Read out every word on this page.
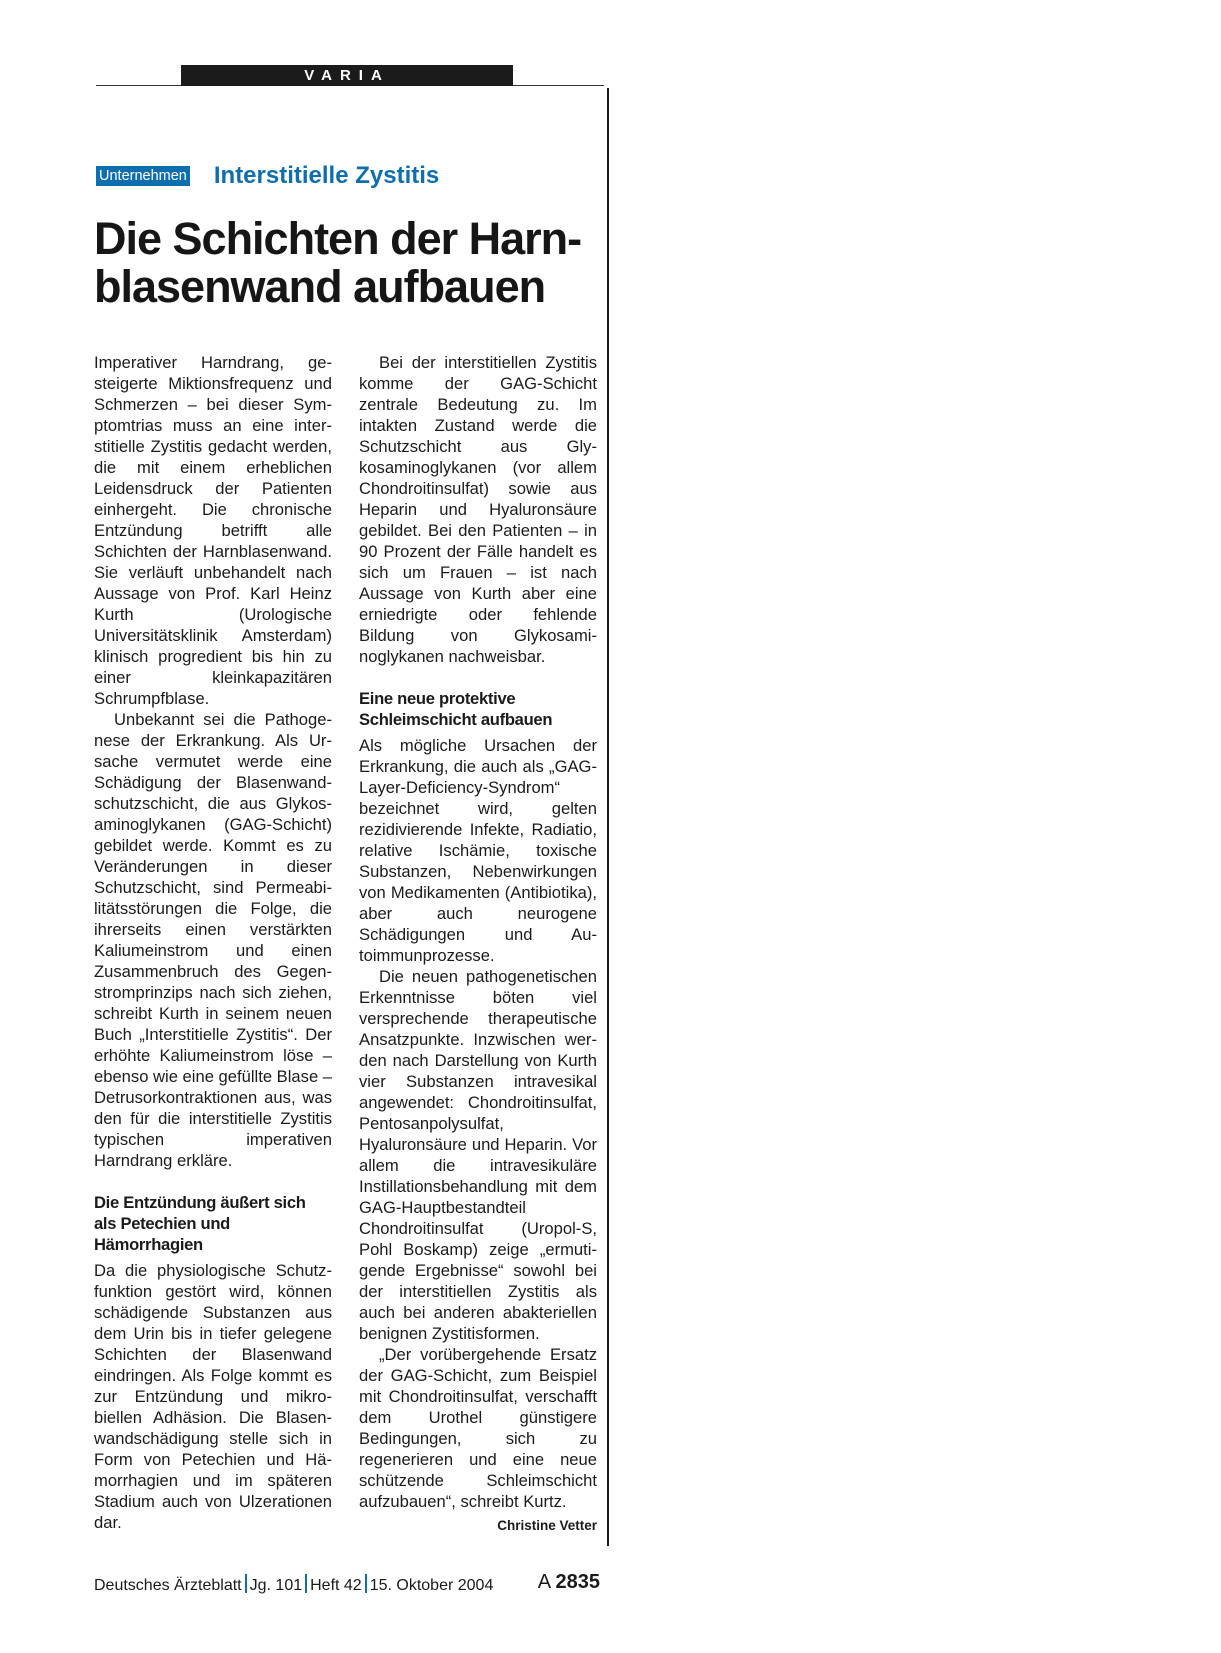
VARIA
Unternehmen Interstitielle Zystitis
Die Schichten der Harn-
blasenwand aufbauen

Imperativer Harndrang, gesteigerte Miktionsfrequenz und Schmerzen – bei dieser Symptomtrias muss an eine interstitielle Zystitis gedacht werden, die mit einem erheblichen Leidensdruck der Patienten einhergeht. Die chronische Entzündung betrifft alle Schichten der Harnblasenwand. Sie verläuft unbehandelt nach Aussage von Prof. Karl Heinz Kurth (Urologische Universitätsklinik Amsterdam) klinisch progredient bis hin zu einer kleinkapazitären Schrumpfblase.

Unbekannt sei die Pathogenese der Erkrankung. Als Ursache vermutet werde eine Schädigung der Blasenwandschutzschicht, die aus Glykosaminoglykanen (GAG-Schicht) gebildet werde. Kommt es zu Veränderungen in dieser Schutzschicht, sind Permeabilitätsstörungen die Folge, die ihrerseits einen verstärkten Kaliumeinstrom und einen Zusammenbruch des Gegenstromprinzips nach sich ziehen, schreibt Kurth in seinem neuen Buch „Interstitielle Zystitis“. Der erhöhte Kaliumeinstrom löse – ebenso wie eine gefüllte Blase – Detrusorkontraktionen aus, was den für die interstitielle Zystitis typischen imperativen Harndrang erkläre.

Die Entzündung äußert sich als Petechien und Hämorrhagien

Da die physiologische Schutzfunktion gestört wird, können schädigende Substanzen aus dem Urin bis in tiefer gelegene Schichten der Blasenwand eindringen. Als Folge kommt es zur Entzündung und mikrobiellen Adhäsion. Die Blasenwandschädigung stelle sich in Form von Petechien und Hämorrhagien und im späteren Stadium auch von Ulzerationen dar.

Bei der interstitiellen Zystitis komme der GAG-Schicht zentrale Bedeutung zu. Im intakten Zustand werde die Schutzschicht aus Glykosaminoglykanen (vor allem Chondroitinsulfat) sowie aus Heparin und Hyaluronsäure gebildet. Bei den Patienten – in 90 Prozent der Fälle handelt es sich um Frauen – ist nach Aussage von Kurth aber eine erniedrigte oder fehlende Bildung von Glykosaminoglykanen nachweisbar.

Eine neue protektive Schleimschicht aufbauen

Als mögliche Ursachen der Erkrankung, die auch als „GAG-Layer-Deficiency-Syndrom“ bezeichnet wird, gelten rezidivierende Infekte, Radiatio, relative Ischämie, toxische Substanzen, Nebenwirkungen von Medikamenten (Antibiotika), aber auch neurogene Schädigungen und Autoimmunprozesse.

Die neuen pathogenetischen Erkenntnisse böten viel versprechende therapeutische Ansatzpunkte. Inzwischen werden nach Darstellung von Kurth vier Substanzen intravesikal angewendet: Chondroitinsulfat, Pentosanpolysulfat, Hyaluronsäure und Heparin. Vor allem die intravesikuläre Instillationsbehandlung mit dem GAG-Hauptbestandteil Chondroitinsulfat (Uropol-S, Pohl Boskamp) zeige „ermutigende Ergebnisse“ sowohl bei der interstitiellen Zystitis als auch bei anderen abakteriellen benignen Zystitisformen.

„Der vorübergehende Ersatz der GAG-Schicht, zum Beispiel mit Chondroitinsulfat, verschafft dem Urothel günstigere Bedingungen, sich zu regenerieren und eine neue schützende Schleimschicht aufzubauen“, schreibt Kurtz.
Christine Vetter

Deutsches Ärzteblatt Jg. 101 Heft 42 15. Oktober 2004 A 2835
